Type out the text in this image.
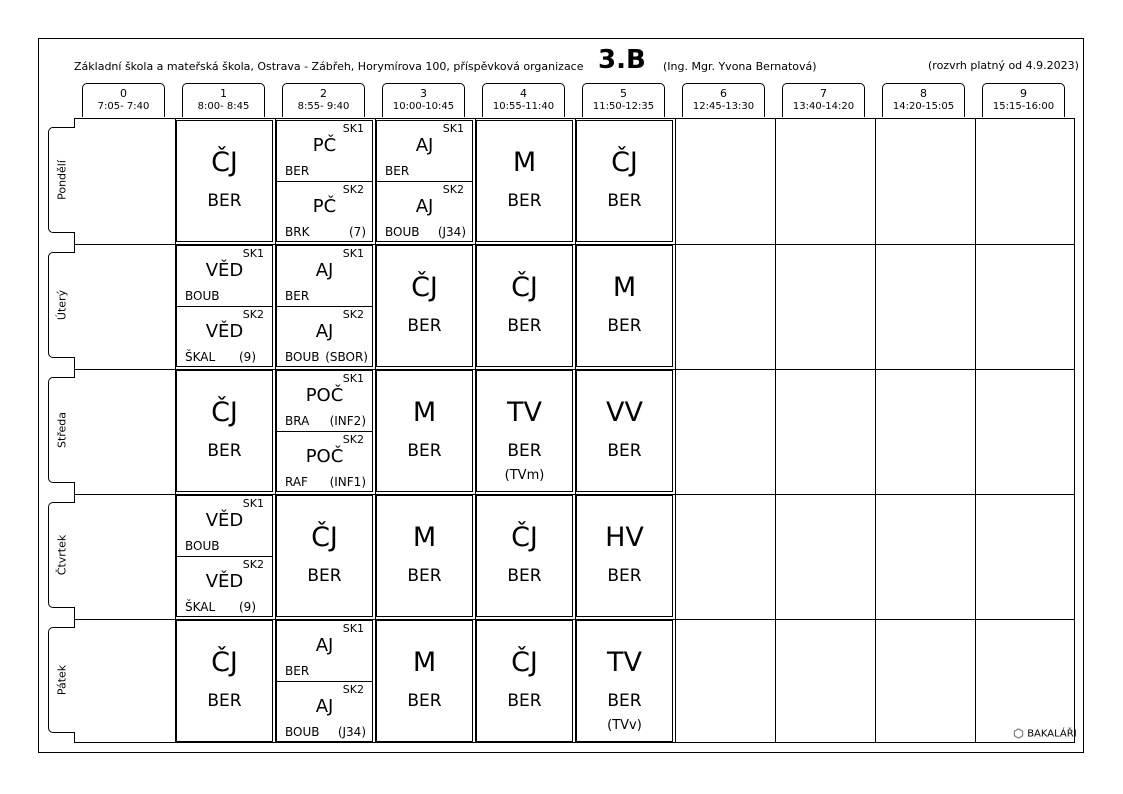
Základní škola a mateřská škola, Ostrava - Zábřeh, Horymírova 100, příspěvková organizace 3.B (Ing. Mgr. Yvona Bernatová)	(rozvrh platný od 4.9.2023)
0
7:05- 7:40
1
8:00- 8:45
2
8:55- 9:40
3
10:00-10:45
4
10:55-11:40
5
11:50-12:35
6
12:45-13:30
7
13:40-14:20
8
14:20-15:05
9
15:15-16:00
Pondělí
Úterý
Středa
Čtvrtek
Pátek
ČJ
BER
SK1
PČ
BER
SK2
PČ
BRK	(7)
SK1
AJ
BER
SK2
AJ
BOUB (J34)
M
BER
ČJ
BER
SK1
VĚD
BOUB
SK2
VĚD
ŠKAL (9)
SK1
AJ
BER
SK2
AJ
BOUB (SBOR)
ČJ
BER
ČJ
BER
M
BER
ČJ
BER
SK1
POČ
BRA (INF2)
SK2
POČ
RAF (INF1)
M
BER
TV
BER
(TVm)
VV
BER
SK1
VĚD
BOUB
SK2
VĚD
ŠKAL (9)
ČJ
BER
M
BER
ČJ
BER
HV
BER
ČJ
BER
SK1
AJ
BER
SK2
AJ
BOUB (J34)
M
BER
ČJ
BER
TV
BER
(TVv)
BAKALÁŘI
